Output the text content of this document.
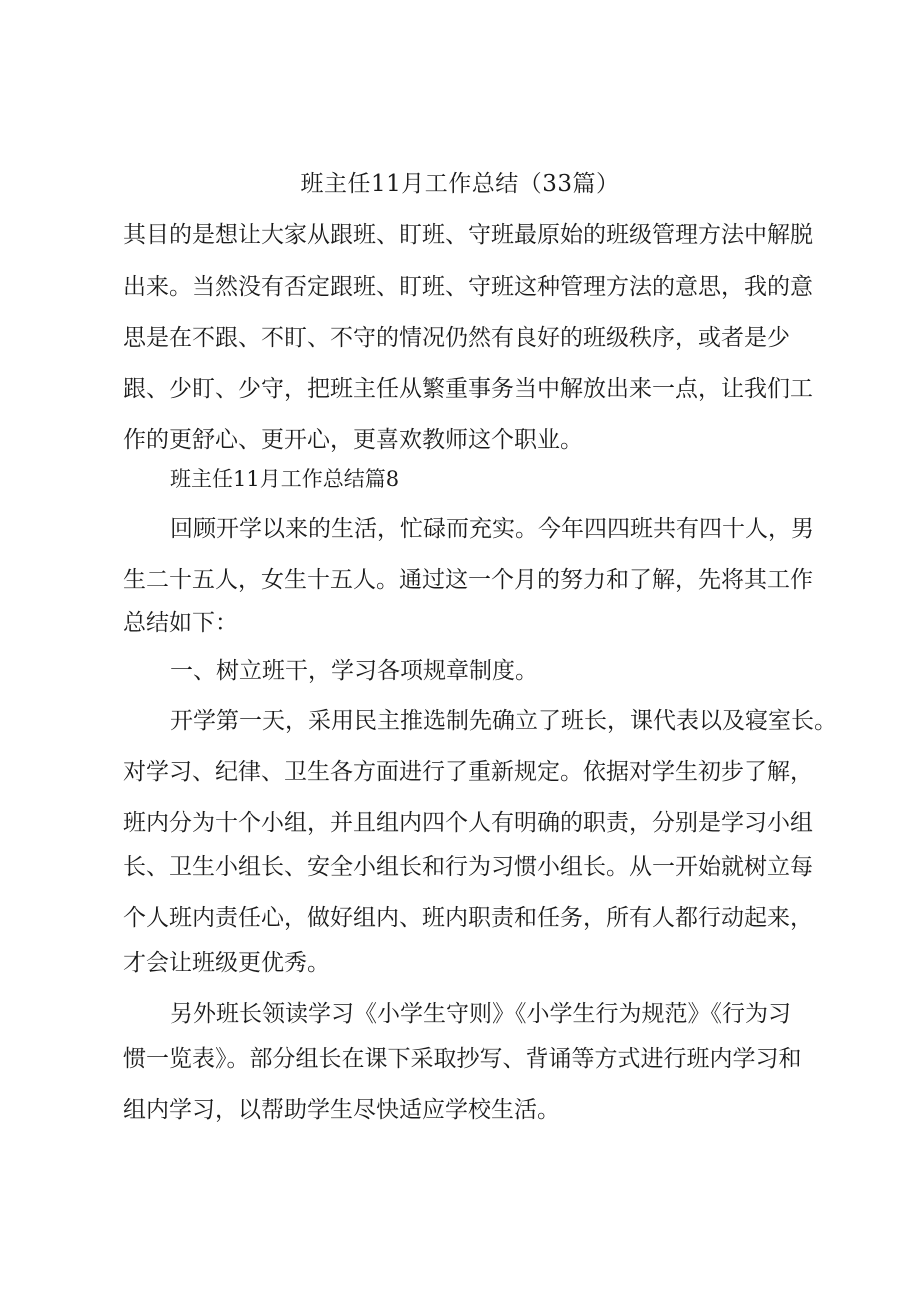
班主任11月工作总结（33篇）
其目的是想让大家从跟班、盯班、守班最原始的班级管理方法中解脱
出来。当然没有否定跟班、盯班、守班这种管理方法的意思，我的意
思是在不跟、不盯、不守的情况仍然有良好的班级秩序，或者是少
跟、少盯、少守，把班主任从繁重事务当中解放出来一点，让我们工
作的更舒心、更开心，更喜欢教师这个职业。
班主任11月工作总结篇8
回顾开学以来的生活，忙碌而充实。今年四四班共有四十人，男
生二十五人，女生十五人。通过这一个月的努力和了解，先将其工作
总结如下：
一、树立班干，学习各项规章制度。
开学第一天，采用民主推选制先确立了班长，课代表以及寝室长。
对学习、纪律、卫生各方面进行了重新规定。依据对学生初步了解，
班内分为十个小组，并且组内四个人有明确的职责，分别是学习小组
长、卫生小组长、安全小组长和行为习惯小组长。从一开始就树立每
个人班内责任心，做好组内、班内职责和任务，所有人都行动起来，
才会让班级更优秀。
另外班长领读学习《小学生守则》《小学生行为规范》《行为习
惯一览表》。部分组长在课下采取抄写、背诵等方式进行班内学习和
组内学习，以帮助学生尽快适应学校生活。
